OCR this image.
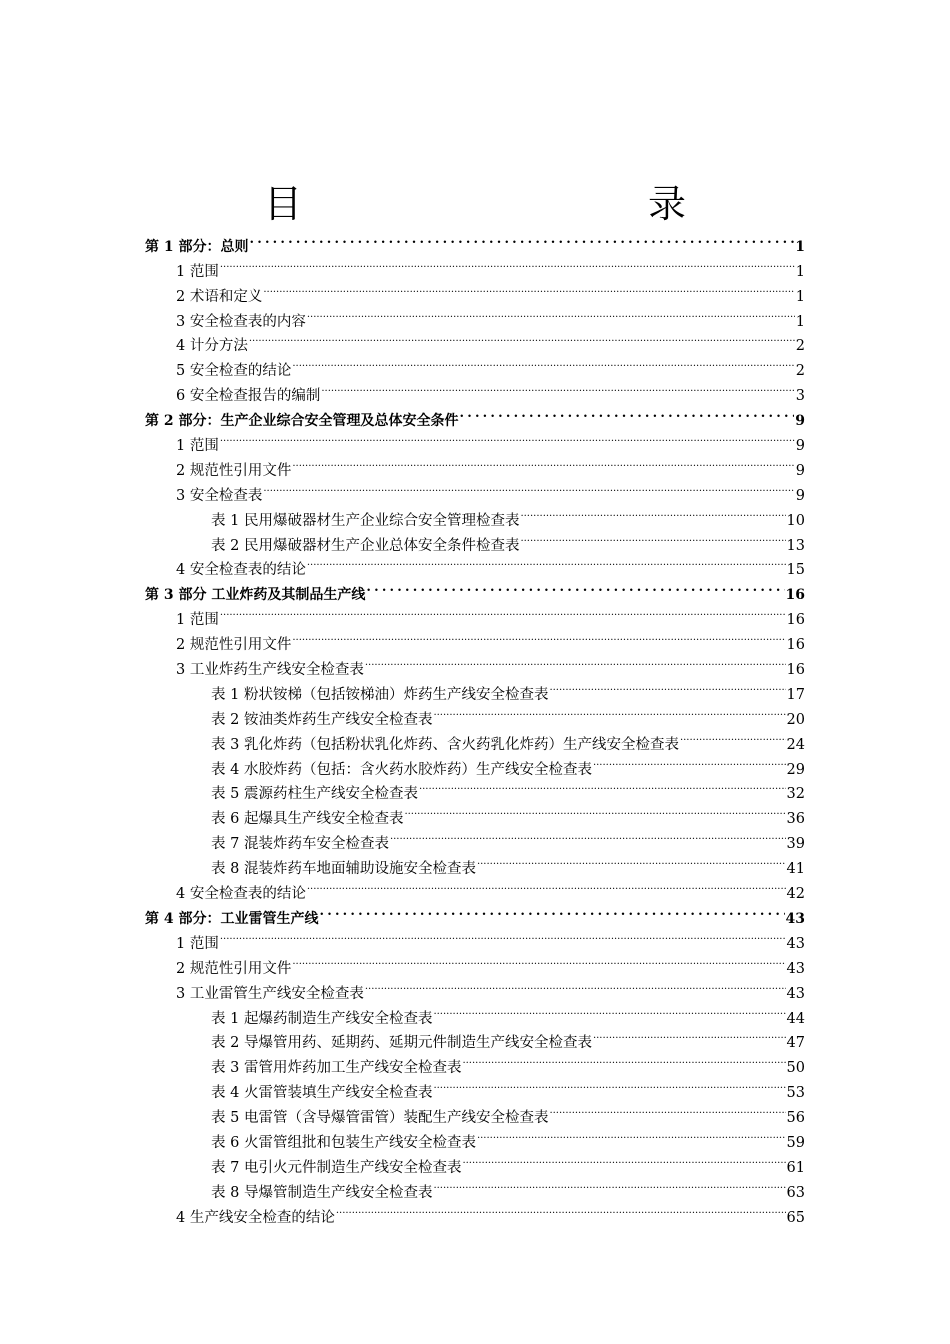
目　　录
第 1 部分：总则 .....	1
1 范围 .....	1
2 术语和定义 .....	1
3 安全检查表的内容 .....	1
4 计分方法 .....	2
5 安全检查的结论 .....	2
6 安全检查报告的编制 .....	3
第 2 部分：生产企业综合安全管理及总体安全条件 .....	9
1 范围 .....	9
2 规范性引用文件 .....	9
3 安全检查表 .....	9
表 1 民用爆破器材生产企业综合安全管理检查表 .....	10
表 2 民用爆破器材生产企业总体安全条件检查表 .....	13
4 安全检查表的结论 .....	15
第 3 部分 工业炸药及其制品生产线 .....	16
1 范围 .....	16
2 规范性引用文件 .....	16
3 工业炸药生产线安全检查表 .....	16
表 1 粉状铵梯（包括铵梯油）炸药生产线安全检查表 .....	17
表 2 铵油类炸药生产线安全检查表 .....	20
表 3 乳化炸药（包括粉状乳化炸药、含火药乳化炸药）生产线安全检查表 .....	24
表 4 水胶炸药（包括：含火药水胶炸药）生产线安全检查表 .....	29
表 5 震源药柱生产线安全检查表 .....	32
表 6 起爆具生产线安全检查表 .....	36
表 7 混装炸药车安全检查表 .....	39
表 8 混装炸药车地面辅助设施安全检查表 .....	41
4 安全检查表的结论 .....	42
第 4 部分：工业雷管生产线 .....	43
1 范围 .....	43
2 规范性引用文件 .....	43
3 工业雷管生产线安全检查表 .....	43
表 1 起爆药制造生产线安全检查表 .....	44
表 2 导爆管用药、延期药、延期元件制造生产线安全检查表 .....	47
表 3 雷管用炸药加工生产线安全检查表 .....	50
表 4 火雷管装填生产线安全检查表 .....	53
表 5 电雷管（含导爆管雷管）装配生产线安全检查表 .....	56
表 6 火雷管组批和包装生产线安全检查表 .....	59
表 7 电引火元件制造生产线安全检查表 .....	61
表 8 导爆管制造生产线安全检查表 .....	63
4 生产线安全检查的结论 .....	65
